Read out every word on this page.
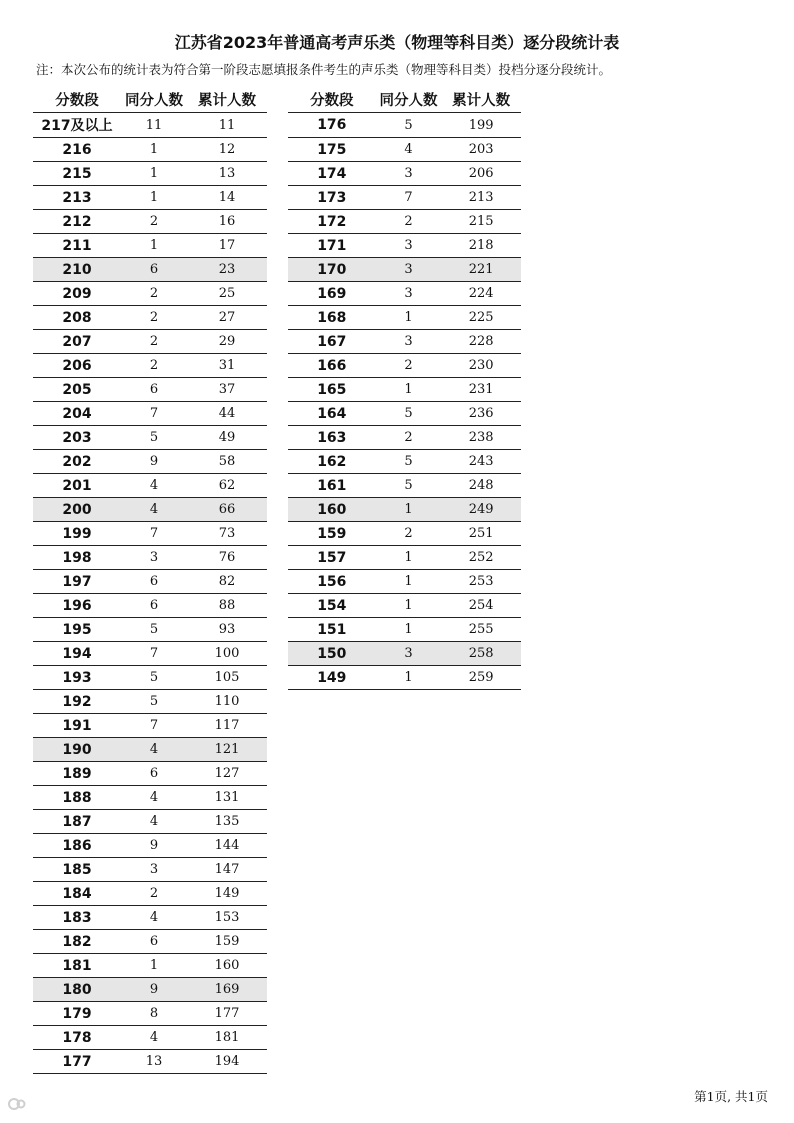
江苏省2023年普通高考声乐类（物理等科目类）逐分段统计表
注：本次公布的统计表为符合第一阶段志愿填报条件考生的声乐类（物理等科目类）投档分逐分段统计。
分数段	同分人数	累计人数
217及以上	11	11
216	1	12
215	1	13
213	1	14
212	2	16
211	1	17
210	6	23
209	2	25
208	2	27
207	2	29
206	2	31
205	6	37
204	7	44
203	5	49
202	9	58
201	4	62
200	4	66
199	7	73
198	3	76
197	6	82
196	6	88
195	5	93
194	7	100
193	5	105
192	5	110
191	7	117
190	4	121
189	6	127
188	4	131
187	4	135
186	9	144
185	3	147
184	2	149
183	4	153
182	6	159
181	1	160
180	9	169
179	8	177
178	4	181
177	13	194
分数段	同分人数	累计人数
176	5	199
175	4	203
174	3	206
173	7	213
172	2	215
171	3	218
170	3	221
169	3	224
168	1	225
167	3	228
166	2	230
165	1	231
164	5	236
163	2	238
162	5	243
161	5	248
160	1	249
159	2	251
157	1	252
156	1	253
154	1	254
151	1	255
150	3	258
149	1	259
第1页, 共1页
